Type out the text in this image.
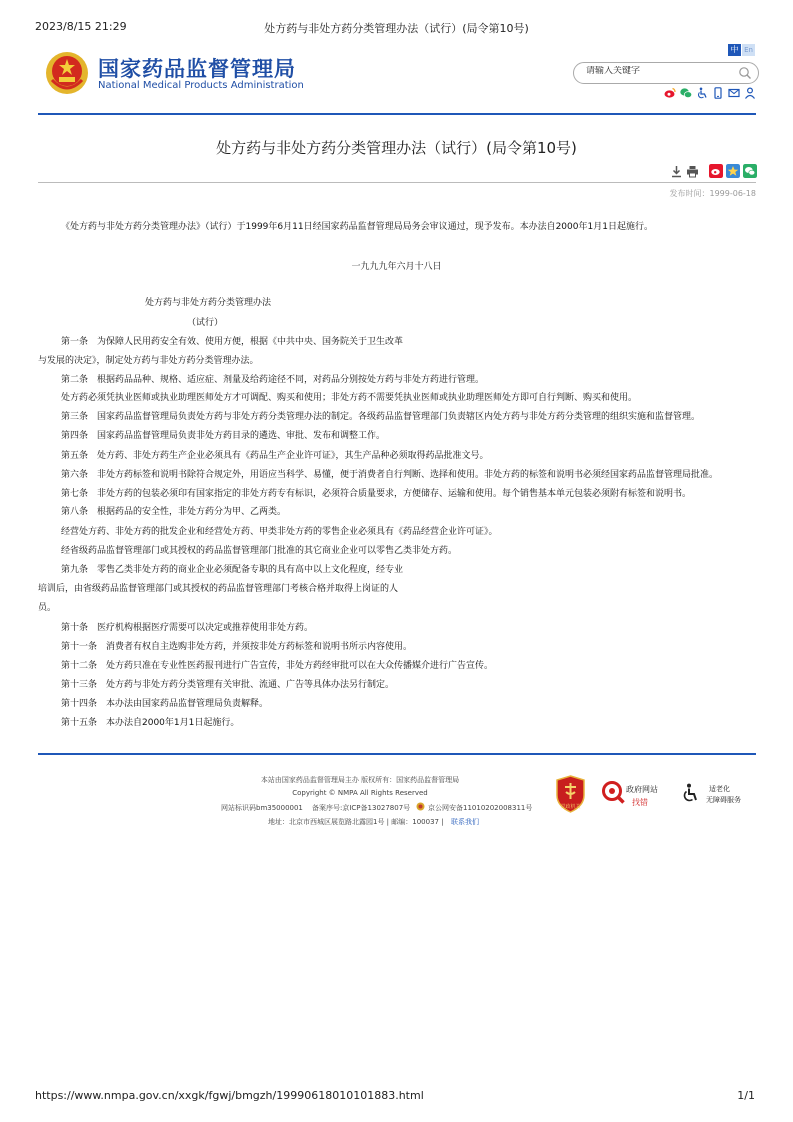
2023/8/15 21:29	处方药与非处方药分类管理办法（试行）(局令第10号)
国家药品监督管理局
National Medical Products Administration
中 En
请输入关键字
处方药与非处方药分类管理办法（试行）(局令第10号)
发布时间：1999-06-18
《处方药与非处方药分类管理办法》（试行）于1999年6月11日经国家药品监督管理局局务会审议通过，现予发布。本办法自2000年1月1日起施行。
一九九九年六月十八日
处方药与非处方药分类管理办法
（试行）
第一条　为保障人民用药安全有效、使用方便，根据《中共中央、国务院关于卫生改革
与发展的决定》，制定处方药与非处方药分类管理办法。
第二条　根据药品品种、规格、适应症、剂量及给药途径不同，对药品分别按处方药与非处方药进行管理。
处方药必须凭执业医师或执业助理医师处方才可调配、购买和使用；非处方药不需要凭执业医师或执业助理医师处方即可自行判断、购买和使用。
第三条　国家药品监督管理局负责处方药与非处方药分类管理办法的制定。各级药品监督管理部门负责辖区内处方药与非处方药分类管理的组织实施和监督管理。
第四条　国家药品监督管理局负责非处方药目录的遴选、审批、发布和调整工作。
第五条　处方药、非处方药生产企业必须具有《药品生产企业许可证》，其生产品种必须取得药品批准文号。
第六条　非处方药标签和说明书除符合规定外，用语应当科学、易懂，便于消费者自行判断、选择和使用。非处方药的标签和说明书必须经国家药品监督管理局批准。
第七条　非处方药的包装必须印有国家指定的非处方药专有标识，必须符合质量要求，方便储存、运输和使用。每个销售基本单元包装必须附有标签和说明书。
第八条　根据药品的安全性，非处方药分为甲、乙两类。
经营处方药、非处方药的批发企业和经营处方药、甲类非处方药的零售企业必须具有《药品经营企业许可证》。
经省级药品监督管理部门或其授权的药品监督管理部门批准的其它商业企业可以零售乙类非处方药。
第九条　零售乙类非处方药的商业企业必须配备专职的具有高中以上文化程度，经专业
培训后，由省级药品监督管理部门或其授权的药品监督管理部门考核合格并取得上岗证的人
员。
第十条　医疗机构根据医疗需要可以决定或推荐使用非处方药。
第十一条　消费者有权自主选购非处方药，并须按非处方药标签和说明书所示内容使用。
第十二条　处方药只准在专业性医药报刊进行广告宣传，非处方药经审批可以在大众传播媒介进行广告宣传。
第十三条　处方药与非处方药分类管理有关审批、流通、广告等具体办法另行制定。
第十四条　本办法由国家药品监督管理局负责解释。
第十五条　本办法自2000年1月1日起施行。
本站由国家药品监督管理局主办 版权所有：国家药品监督管理局
Copyright © NMPA All Rights Reserved
网站标识码bm35000001 备案序号:京ICP备13027807号	京公网安备11010202008311号
地址：北京市西城区展览路北露园1号 | 邮编：100037 | 联系我们
党政机关
政府网站
找错
适老化
无障碍服务
https://www.nmpa.gov.cn/xxgk/fgwj/bmgzh/19990618010101883.html	1/1
